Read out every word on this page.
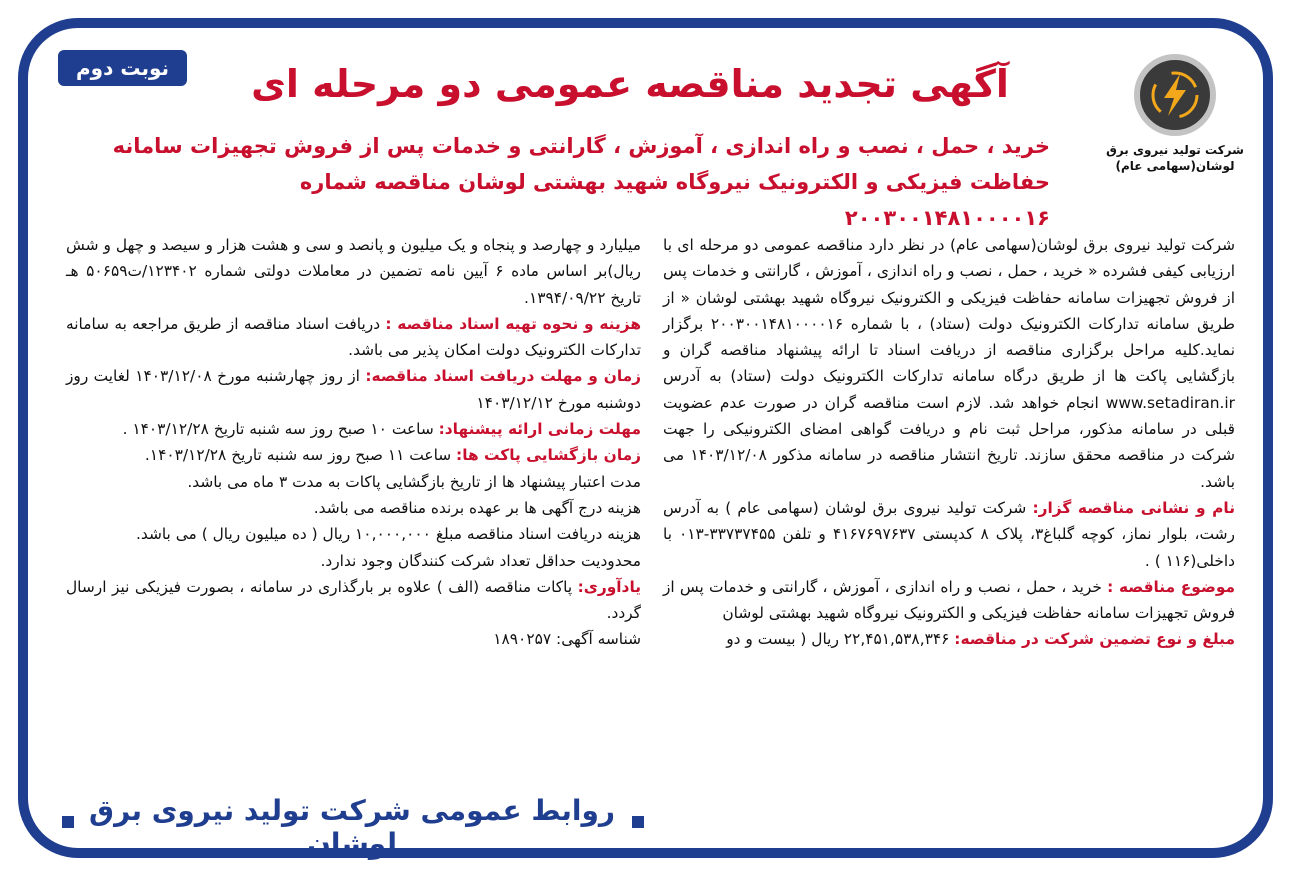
نوبت دوم
شرکت تولید نیروی برق
لوشان(سهامی عام)
آگهی تجدید مناقصه عمومی دو مرحله ای
خرید ، حمل ، نصب و راه اندازی ، آموزش ، گارانتی و خدمات پس از فروش تجهیزات سامانه
حفاظت فیزیکی و الکترونیک نیروگاه شهید بهشتی لوشان مناقصه شماره ۲۰۰۳۰۰۱۴۸۱۰۰۰۰۱۶

شرکت تولید نیروی برق لوشان(سهامی عام) در نظر دارد مناقصه عمومی دو مرحله ای با ارزیابی کیفی فشرده « خرید ، حمل ، نصب و راه اندازی ، آموزش ، گارانتی و خدمات پس از فروش تجهیزات سامانه حفاظت فیزیکی و الکترونیک نیروگاه شهید بهشتی لوشان « از طریق سامانه تدارکات الکترونیک دولت (ستاد) ، با شماره ۲۰۰۳۰۰۱۴۸۱۰۰۰۰۱۶ برگزار نماید.کلیه مراحل برگزاری مناقصه از دریافت اسناد تا ارائه پیشنهاد مناقصه گران و بازگشایی پاکت ها از طریق درگاه سامانه تدارکات الکترونیک دولت (ستاد) به آدرس www.setadiran.ir انجام خواهد شد. لازم است مناقصه گران در صورت عدم عضویت قبلی در سامانه مذکور، مراحل ثبت نام و دریافت گواهی امضای الکترونیکی را جهت شرکت در مناقصه محقق سازند. تاریخ انتشار مناقصه در سامانه مذکور ۱۴۰۳/۱۲/۰۸ می باشد.

نام و نشانی مناقصه گزار: شرکت تولید نیروی برق لوشان (سهامی عام ) به آدرس رشت، بلوار نماز، کوچه گلباغ۳، پلاک ۸ کدپستی ۴۱۶۷۶۹۷۶۳۷ و تلفن ۳۳۷۳۷۴۵۵-۰۱۳ با داخلی(۱۱۶ ) .

موضوع مناقصه : خرید ، حمل ، نصب و راه اندازی ، آموزش ، گارانتی و خدمات پس از فروش تجهیزات سامانه حفاظت فیزیکی و الکترونیک نیروگاه شهید بهشتی لوشان

مبلغ و نوع تضمین شرکت در مناقصه: ۲۲,۴۵۱,۵۳۸,۳۴۶ ریال ( بیست و دو

میلیارد و چهارصد و پنجاه و یک میلیون و پانصد و سی و هشت هزار و سیصد و چهل و شش ریال)بر اساس ماده ۶ آیین نامه تضمین در معاملات دولتی شماره ۱۲۳۴۰۲/ت۵۰۶۵۹ هـ تاریخ ۱۳۹۴/۰۹/۲۲.

هزینه و نحوه تهیه اسناد مناقصه : دریافت اسناد مناقصه از طریق مراجعه به سامانه تدارکات الکترونیک دولت امکان پذیر می باشد.

زمان و مهلت دریافت اسناد مناقصه: از روز چهارشنبه مورخ ۱۴۰۳/۱۲/۰۸ لغایت روز دوشنبه مورخ ۱۴۰۳/۱۲/۱۲

مهلت زمانی ارائه پیشنهاد: ساعت ۱۰ صبح روز سه شنبه تاریخ ۱۴۰۳/۱۲/۲۸ .

زمان بازگشایی پاکت ها: ساعت ۱۱ صبح روز سه شنبه تاریخ ۱۴۰۳/۱۲/۲۸.

مدت اعتبار پیشنهاد ها از تاریخ بازگشایی پاکات به مدت ۳ ماه می باشد.

هزینه درج آگهی ها بر عهده برنده مناقصه می باشد.

هزینه دریافت اسناد مناقصه مبلغ ۱۰,۰۰۰,۰۰۰ ریال ( ده میلیون ریال ) می باشد.

محدودیت حداقل تعداد شرکت کنندگان وجود ندارد.

یادآوری: پاکات مناقصه (الف ) علاوه بر بارگذاری در سامانه ، بصورت فیزیکی نیز ارسال گردد.

شناسه آگهی: ۱۸۹۰۲۵۷

روابط عمومی شرکت تولید نیروی برق لوشان
